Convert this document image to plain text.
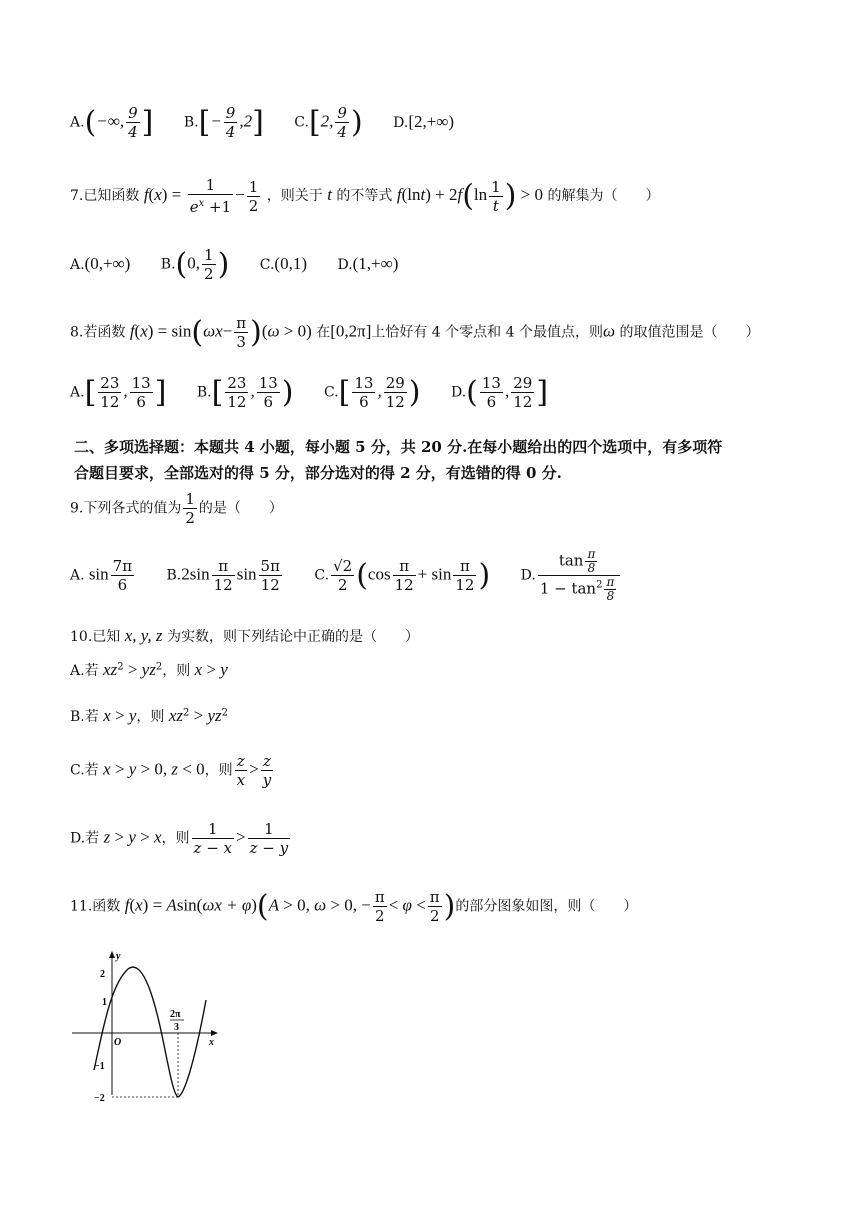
A.(−∞, $\frac{9}{4}$ ] $B.[- \frac{9}{4} ,2]$ C.[2, $\frac{9}{4}$ ) D.[2,+∞)
7.已知函数 $f(x) = \frac{1}{e^x +1} - \frac{1}{2}$ ，则关于 t 的不等式 $f(\ln t) + 2f(\ln \frac{1}{t}$ ) > 0 的解集为（　　）
A.(0,+∞) B.(0, $\frac{1}{2}$ ) C.(0,1) D.(1,+∞)
8.若函数 $f(x) = \sin(\omega x- \frac{\pi}{3} )(\omega > 0)$ 在[0,2π]上恰好有 4 个零点和 4 个最值点，则ω 的取值范围是（　　）
$A.[ \frac{23}{12}$ , $\frac{13}{6}$ ] $B.[ \frac{23}{12}$ , $\frac{13}{6}$ ) $C.[ \frac{13}{6}$ , $\frac{29}{12}$ ) $D.( \frac{13}{6}$ , $\frac{29}{12}$ ]
二、多项选择题：本题共 4 小题，每小题 5 分，共 20 分.在每小题给出的四个选项中，有多项符
合题目要求，全部选对的得 5 分，部分选对的得 2 分，有选错的得 0 分.
9.下列各式的值为 $\frac{1}{2}$ 的是（　　）
A. $\sin \frac{7\pi}{6} B.2\sin \frac{\pi}{12}$ $\sin \frac{5\pi}{12} C$. $\frac{√2}{2} (\cos \frac{\pi}{12} + \sin \frac{\pi}{12}$ ) D. $\frac{\tan \frac{\pi}{8}}{1 - \tan^2 \frac{\pi}{8}}$
10.已知 x, y, z 为实数，则下列结论中正确的是（　　）
A.若 $xz^2 > yz^2$，则 x > y
B.若 x > y，则 $xz^2 > yz^2$
C.若 x > y > 0, z < 0，则 $\frac{z}{x} > \frac{z}{y}$
D.若 z > y > x，则 $\frac{1}{z - x} > \frac{1}{z - y}$
11.函数 f(x) = Asin(ωx + φ)(A > 0, ω > 0, − $\frac{\pi}{2} < \varphi < \frac{\pi}{2}$ )的部分图象如图，则（　　）
y
x
O
2
1
−1
−2
2π
3
